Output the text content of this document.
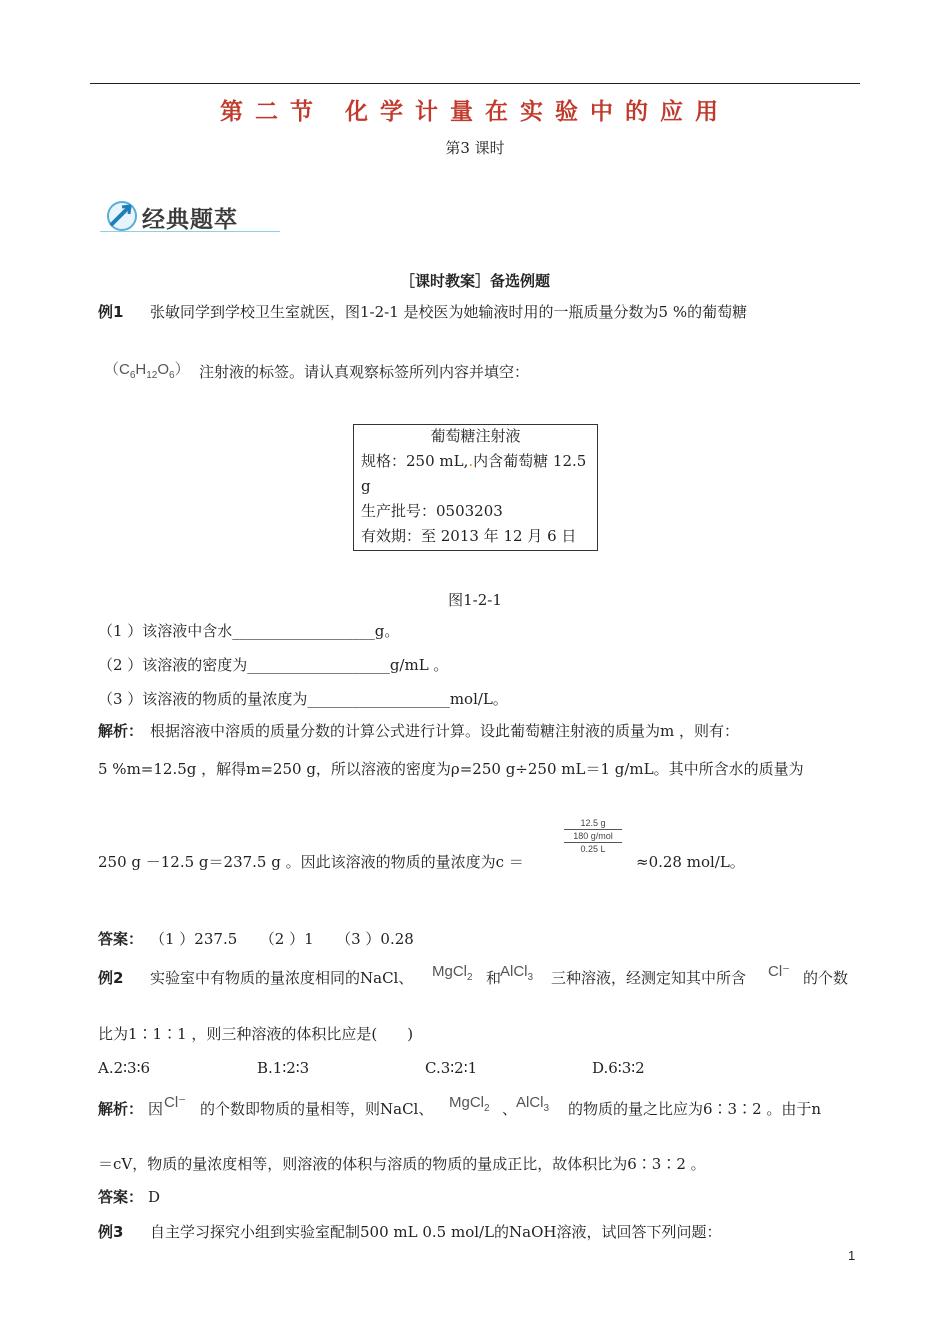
第二节 化学计量在实验中的应用
第3 课时
经典题萃
［课时教案］备选例题
例1 张敏同学到学校卫生室就医，图1-2-1 是校医为她输液时用的一瓶质量分数为5 %的葡萄糖
$(C_6H_{12}O_6)$ 注射液的标签。请认真观察标签所列内容并填空：
葡萄糖注射液
规格：250 mL,.内含葡萄糖 12.5
g
生产批号：0503203
有效期：至 2013 年 12 月 6 日
图1-2-1
（1 ）该溶液中含水___________________g。
（2 ）该溶液的密度为___________________g/mL 。
（3 ）该溶液的物质的量浓度为___________________mol/L。
解析： 根据溶液中溶质的质量分数的计算公式进行计算。设此葡萄糖注射液的质量为m ，则有：
5 %m=12.5g ，解得m=250 g，所以溶液的密度为ρ=250 g÷250 mL＝1 g/mL。其中所含水的质量为
250 g －12.5 g＝237.5 g 。因此该溶液的物质的量浓度为c ＝
12.5 g
180 g/mol
0.25 L
≈0.28 mol/L。
答案： （1 ）237.5　　（2 ）1　　（3 ）0.28
例2 实验室中有物质的量浓度相同的NaCl、 MgCl$_2$ 和
AlCl$_3$ 三种溶液，经测定知其中所含 Cl⁻ 的个数
比为1∶1∶1 ，则三种溶液的体积比应是(　　)
A.2∶3∶6	B.1∶2∶3	C.3∶2∶1	D.6∶3∶2
解析： 因 Cl⁻ 的个数即物质的量相等，则NaCl、 MgCl$_2$ 、
AlCl$_3$ 的物质的量之比应为6∶3∶2 。由于n
＝cV，物质的量浓度相等，则溶液的体积与溶质的物质的量成正比，故体积比为6∶3∶2 。
答案： D
例3 自主学习探究小组到实验室配制500 mL 0.5 mol/L的NaOH溶液，试回答下列问题：
1
